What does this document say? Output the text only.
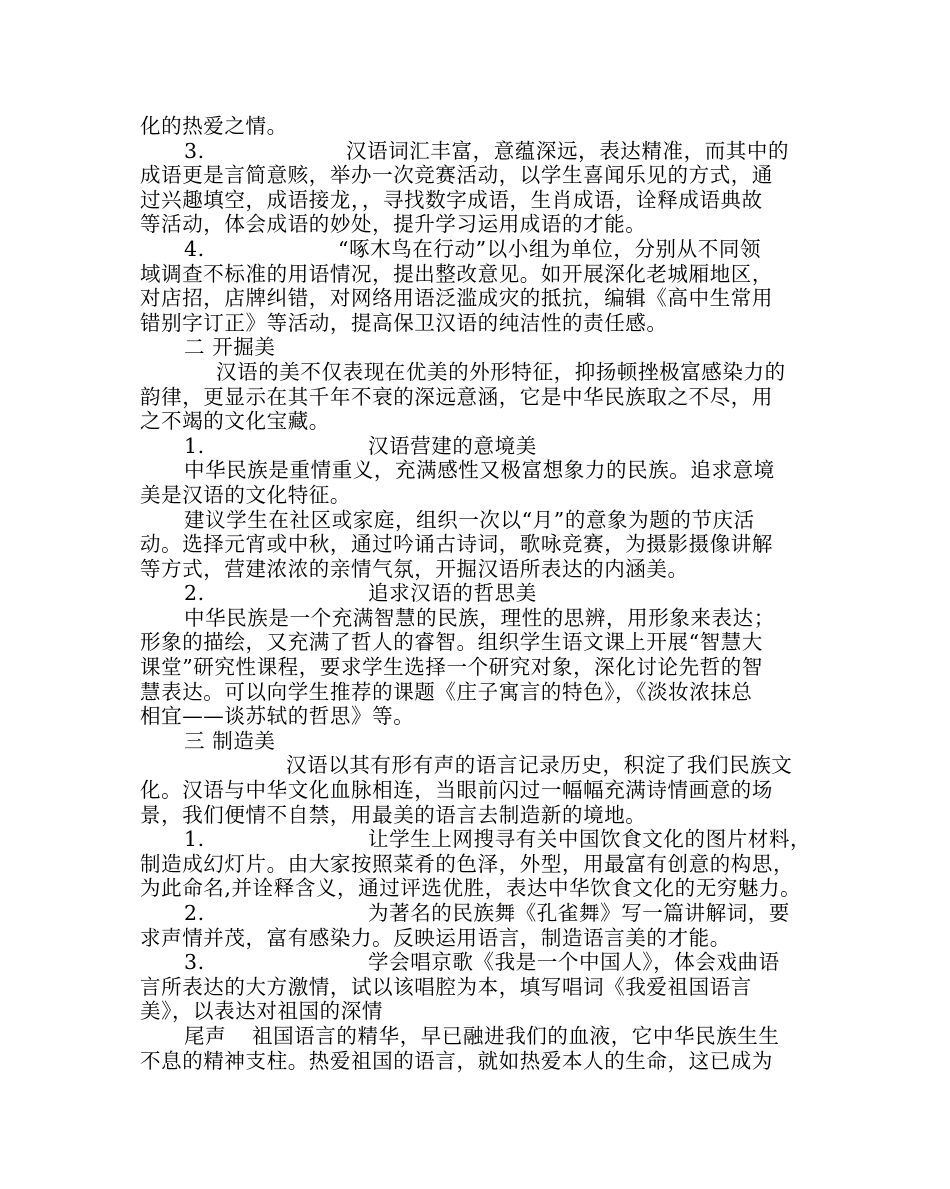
化的热爱之情。
3.	汉语词汇丰富，意蕴深远，表达精准，而其中的
成语更是言简意赅，举办一次竞赛活动，以学生喜闻乐见的方式，通
过兴趣填空，成语接龙，，寻找数字成语，生肖成语，诠释成语典故
等活动，体会成语的妙处，提升学习运用成语的才能。
4.	“啄木鸟在行动”以小组为单位，分别从不同领
域调查不标准的用语情况，提出整改意见。如开展深化老城厢地区，
对店招，店牌纠错，对网络用语泛滥成灾的抵抗，编辑《高中生常用
错别字订正》等活动，提高保卫汉语的纯洁性的责任感。
二 开掘美
汉语的美不仅表现在优美的外形特征，抑扬顿挫极富感染力的
韵律，更显示在其千年不衰的深远意涵，它是中华民族取之不尽，用
之不竭的文化宝藏。
1.	汉语营建的意境美
中华民族是重情重义，充满感性又极富想象力的民族。追求意境
美是汉语的文化特征。
建议学生在社区或家庭，组织一次以“月”的意象为题的节庆活
动。选择元宵或中秋，通过吟诵古诗词，歌咏竞赛，为摄影摄像讲解
等方式，营建浓浓的亲情气氛，开掘汉语所表达的内涵美。
2.	追求汉语的哲思美
中华民族是一个充满智慧的民族，理性的思辨，用形象来表达；
形象的描绘，又充满了哲人的睿智。组织学生语文课上开展“智慧大
课堂”研究性课程，要求学生选择一个研究对象，深化讨论先哲的智
慧表达。可以向学生推荐的课题《庄子寓言的特色》，《淡妆浓抹总
相宜——谈苏轼的哲思》等。
三 制造美
汉语以其有形有声的语言记录历史，积淀了我们民族文
化。汉语与中华文化血脉相连，当眼前闪过一幅幅充满诗情画意的场
景，我们便情不自禁，用最美的语言去制造新的境地。
1.	让学生上网搜寻有关中国饮食文化的图片材料，
制造成幻灯片。由大家按照菜肴的色泽，外型，用最富有创意的构思，
为此命名,并诠释含义，通过评选优胜，表达中华饮食文化的无穷魅力。
2.	为著名的民族舞《孔雀舞》写一篇讲解词，要
求声情并茂，富有感染力。反映运用语言，制造语言美的才能。
3.	学会唱京歌《我是一个中国人》，体会戏曲语
言所表达的大方激情，试以该唱腔为本，填写唱词《我爱祖国语言
美》，以表达对祖国的深情
尾声 祖国语言的精华，早已融进我们的血液，它中华民族生生
不息的精神支柱。热爱祖国的语言，就如热爱本人的生命，这已成为
